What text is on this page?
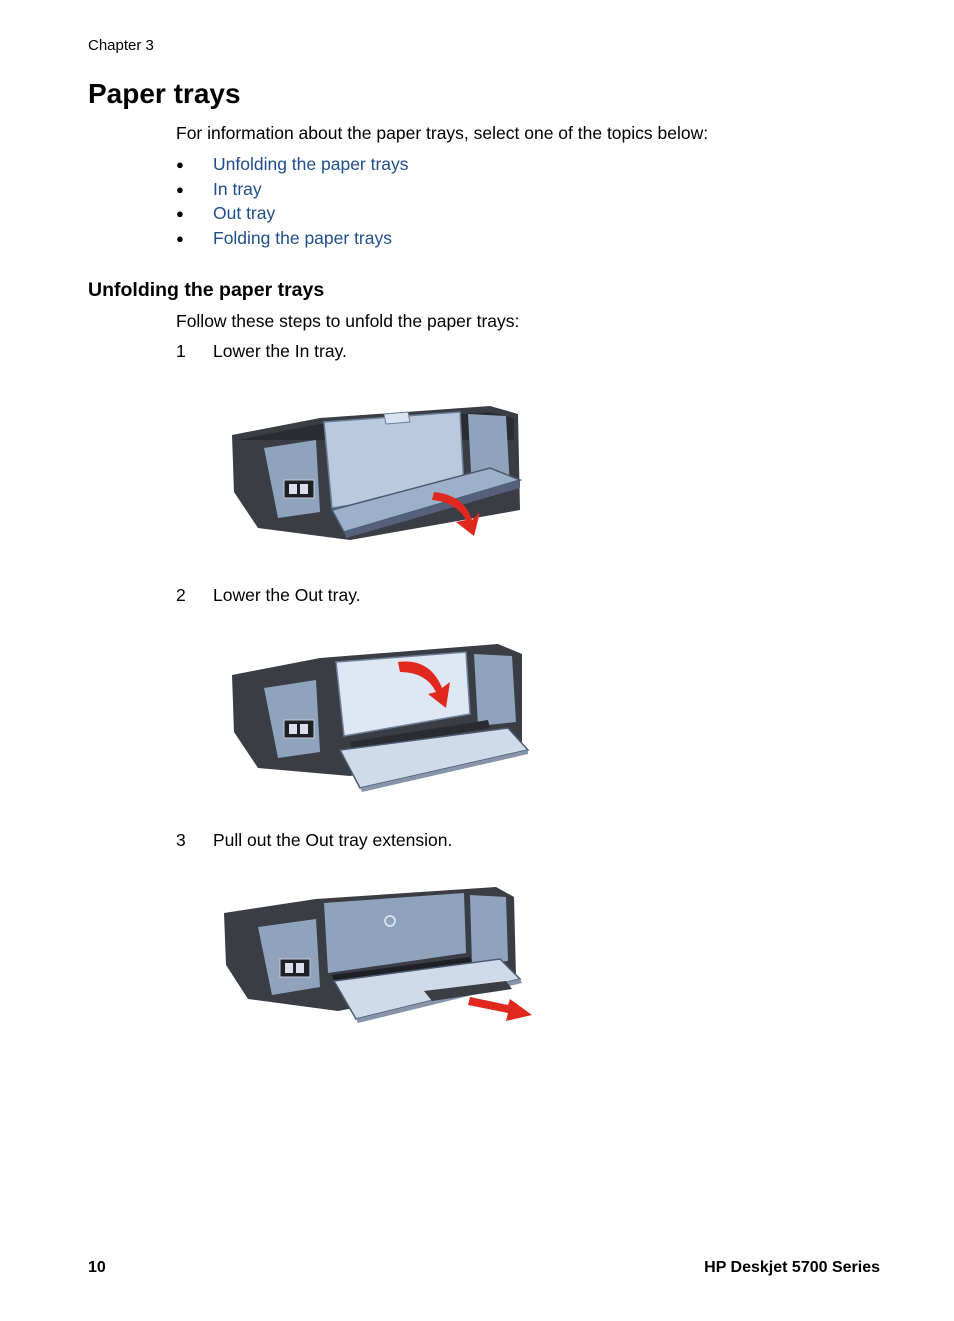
Chapter 3
Paper trays
For information about the paper trays, select one of the topics below:
●	Unfolding the paper trays
●	In tray
●	Out tray
●	Folding the paper trays
Unfolding the paper trays
Follow these steps to unfold the paper trays:
1	Lower the In tray.
2	Lower the Out tray.
3	Pull out the Out tray extension.
10	HP Deskjet 5700 Series
